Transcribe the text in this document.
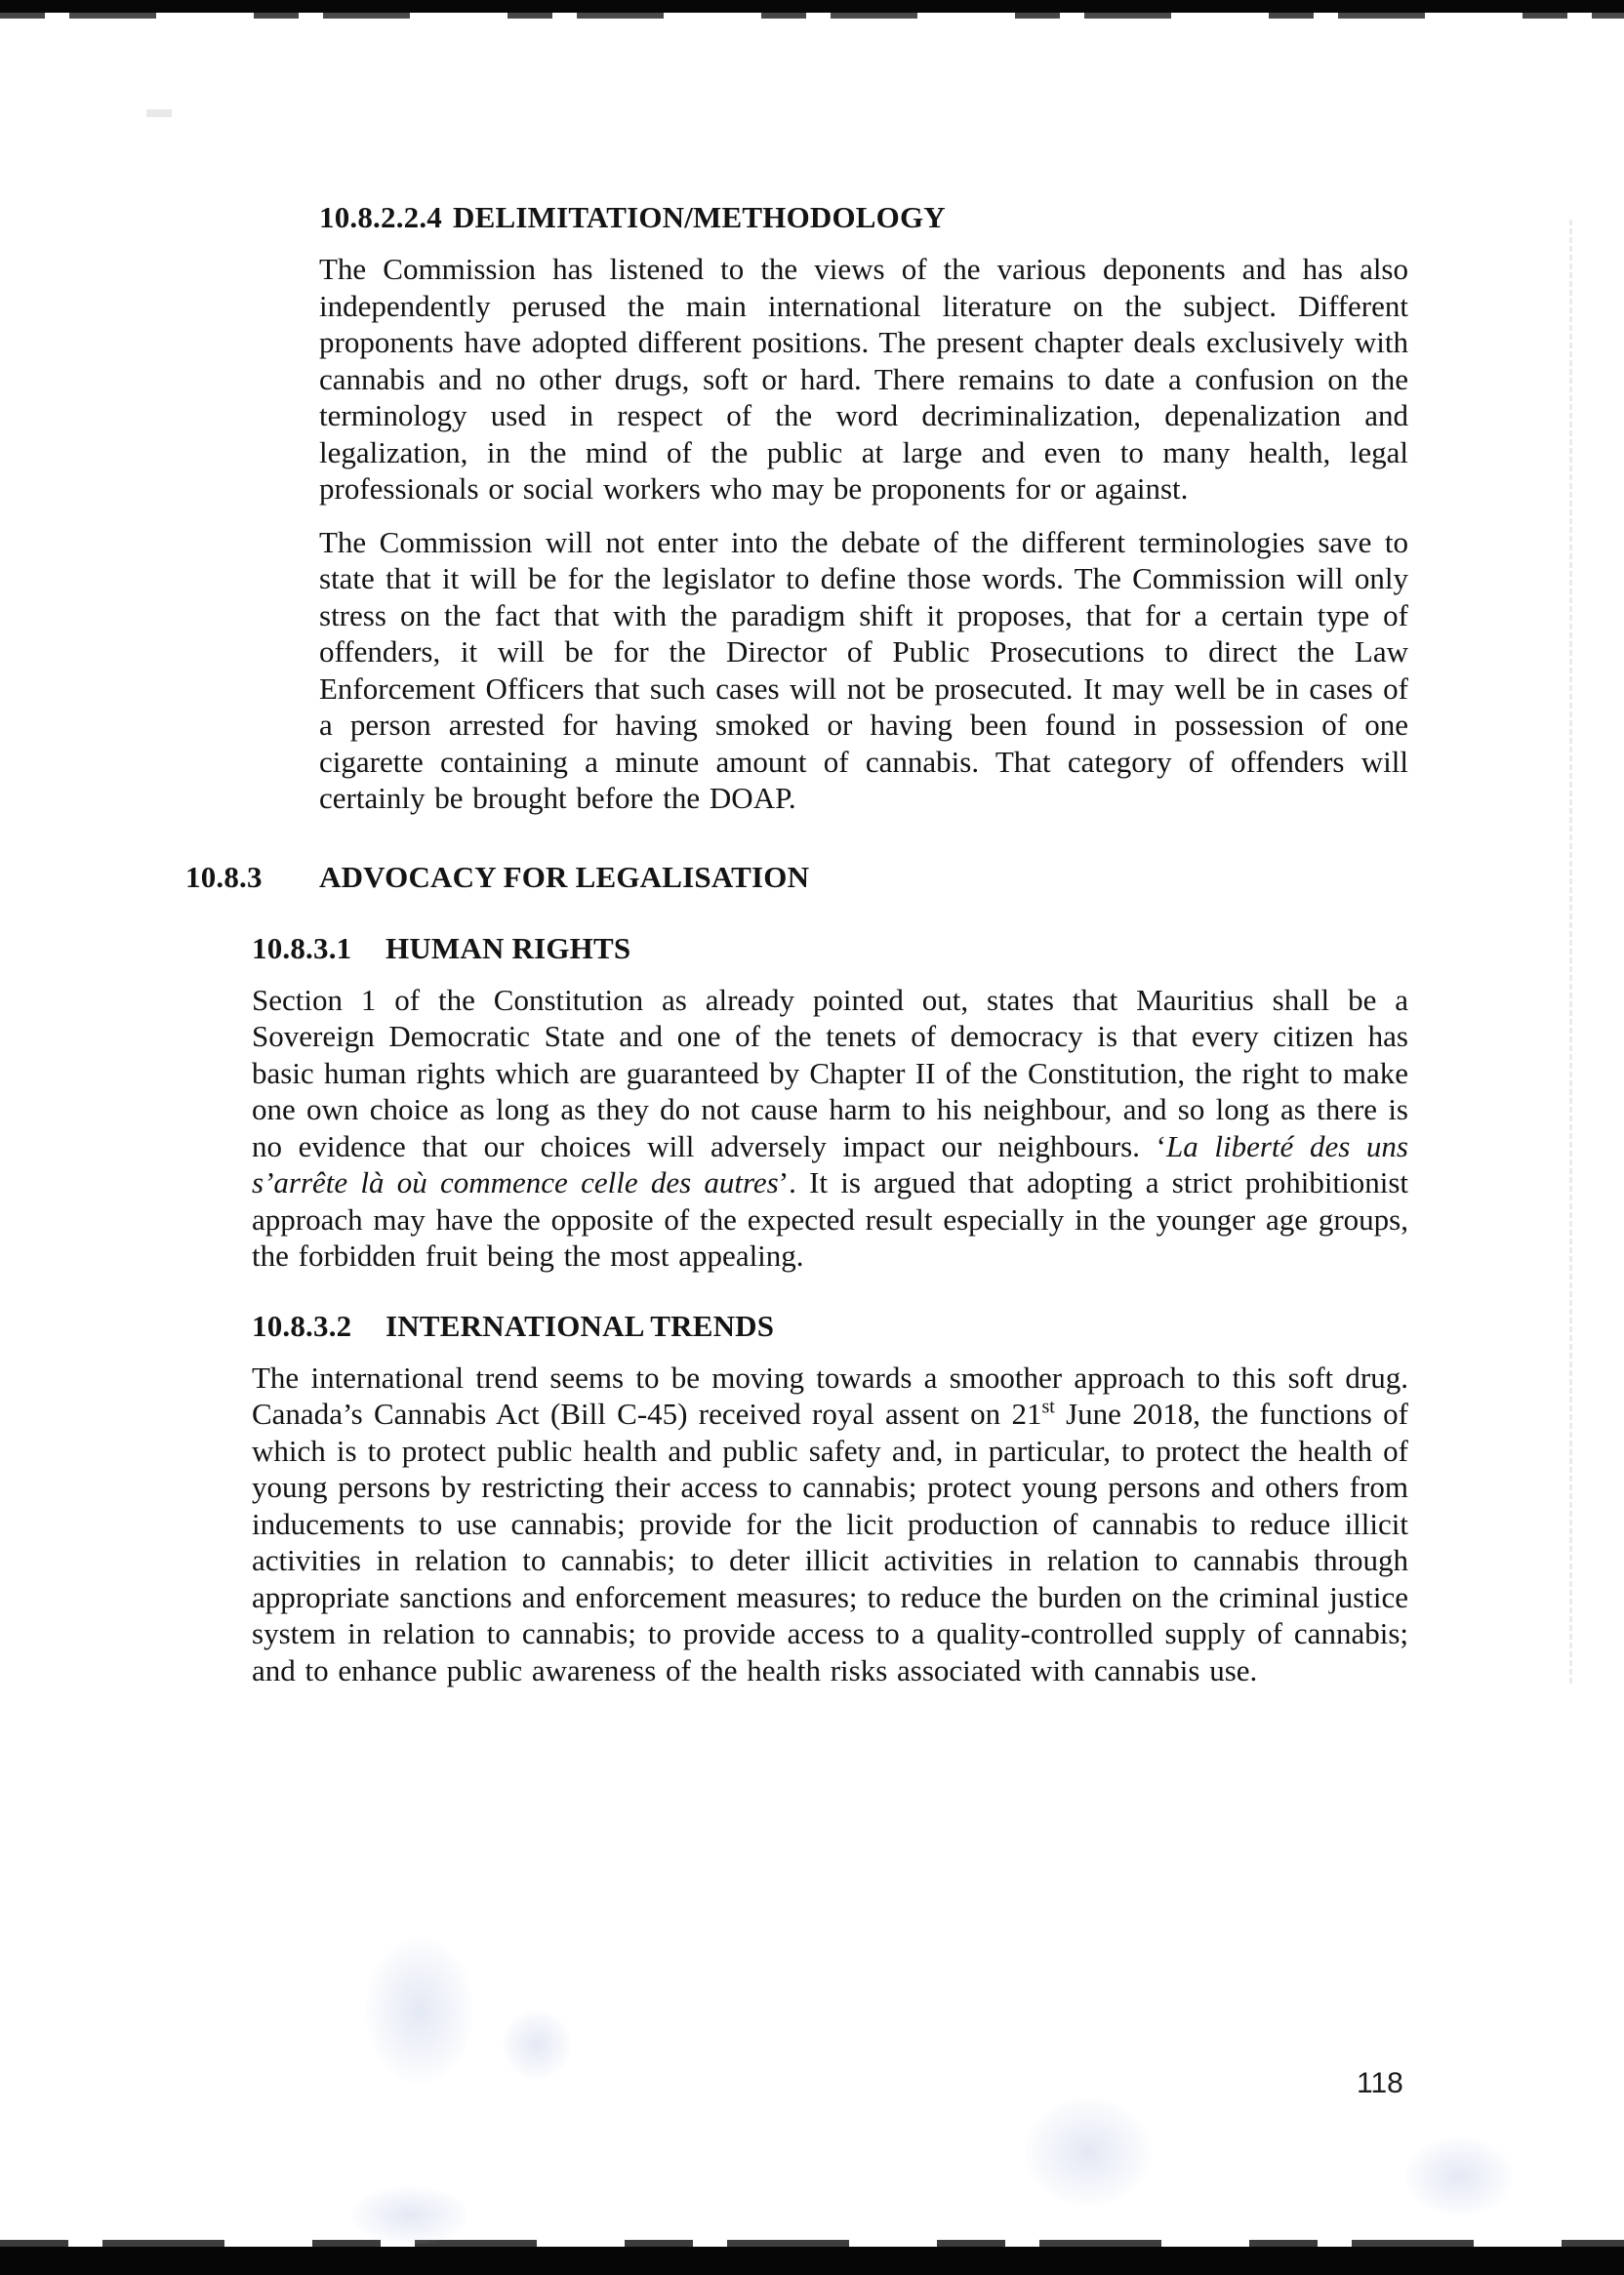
10.8.2.2.4 DELIMITATION/METHODOLOGY

The Commission has listened to the views of the various deponents and has also independently perused the main international literature on the subject. Different proponents have adopted different positions. The present chapter deals exclusively with cannabis and no other drugs, soft or hard. There remains to date a confusion on the terminology used in respect of the word decriminalization, depenalization and legalization, in the mind of the public at large and even to many health, legal professionals or social workers who may be proponents for or against.

The Commission will not enter into the debate of the different terminologies save to state that it will be for the legislator to define those words. The Commission will only stress on the fact that with the paradigm shift it proposes, that for a certain type of offenders, it will be for the Director of Public Prosecutions to direct the Law Enforcement Officers that such cases will not be prosecuted. It may well be in cases of a person arrested for having smoked or having been found in possession of one cigarette containing a minute amount of cannabis. That category of offenders will certainly be brought before the DOAP.

10.8.3	ADVOCACY FOR LEGALISATION
10.8.3.1	HUMAN RIGHTS

Section 1 of the Constitution as already pointed out, states that Mauritius shall be a Sovereign Democratic State and one of the tenets of democracy is that every citizen has basic human rights which are guaranteed by Chapter II of the Constitution, the right to make one own choice as long as they do not cause harm to his neighbour, and so long as there is no evidence that our choices will adversely impact our neighbours. ‘La liberté des uns s’arrête là où commence celle des autres’. It is argued that adopting a strict prohibitionist approach may have the opposite of the expected result especially in the younger age groups, the forbidden fruit being the most appealing.

10.8.3.2	INTERNATIONAL TRENDS

The international trend seems to be moving towards a smoother approach to this soft drug. Canada’s Cannabis Act (Bill C-45) received royal assent on 21st June 2018, the functions of which is to protect public health and public safety and, in particular, to protect the health of young persons by restricting their access to cannabis; protect young persons and others from inducements to use cannabis; provide for the licit production of cannabis to reduce illicit activities in relation to cannabis; to deter illicit activities in relation to cannabis through appropriate sanctions and enforcement measures; to reduce the burden on the criminal justice system in relation to cannabis; to provide access to a quality-controlled supply of cannabis; and to enhance public awareness of the health risks associated with cannabis use.

118
